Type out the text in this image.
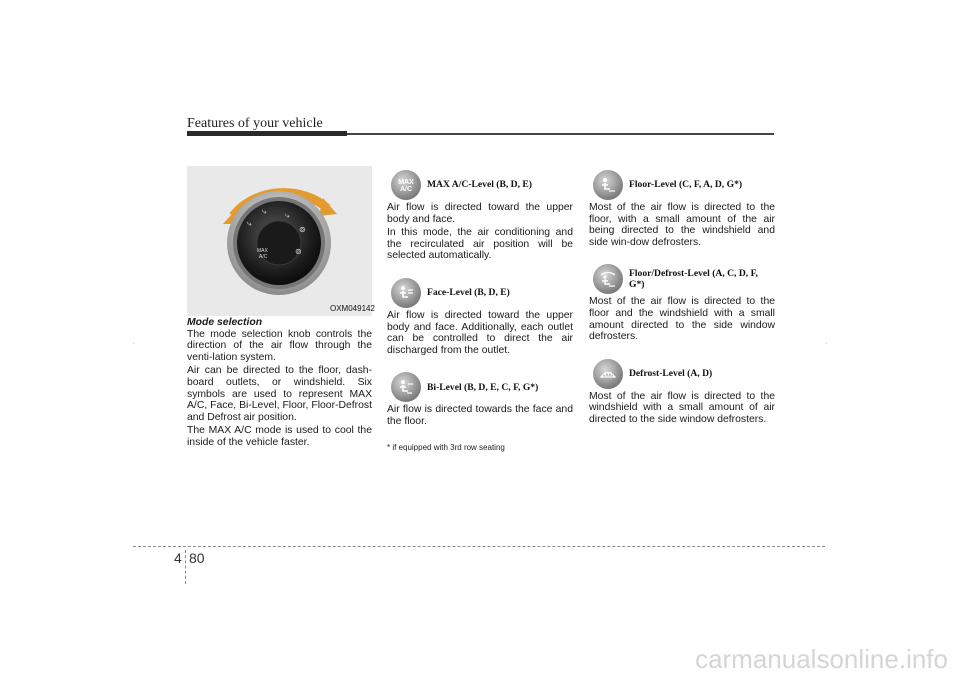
Features of your vehicle
MAX
A/C
⤷
⤷ ⤷
⊚
⊚
OXM049142
Mode selection

The mode selection knob controls the direction of the air flow through the venti-lation system.

Air can be directed to the floor, dash-board outlets, or windshield. Six symbols are used to represent MAX A/C, Face, Bi-Level, Floor, Floor-Defrost and Defrost air position.

The MAX A/C mode is used to cool the inside of the vehicle faster.

MAX
A/C MAX A/C-Level (B, D, E)

Air flow is directed toward the upper body and face.

In this mode, the air conditioning and the recirculated air position will be selected automatically.

Face-Level (B, D, E)

Air flow is directed toward the upper body and face. Additionally, each outlet can be controlled to direct the air discharged from the outlet.

Bi-Level (B, D, E, C, F, G*)

Air flow is directed towards the face and the floor.

* if equipped with 3rd row seating
Floor-Level (C, F, A, D, G*)

Most of the air flow is directed to the floor, with a small amount of the air being directed to the windshield and side win-dow defrosters.

Floor/Defrost-Level (A, C, D, F, G*)

Most of the air flow is directed to the floor and the windshield with a small amount directed to the side window defrosters.

Defrost-Level (A, D)

Most of the air flow is directed to the windshield with a small amount of air directed to the side window defrosters.

4 80
carmanualsonline.info
